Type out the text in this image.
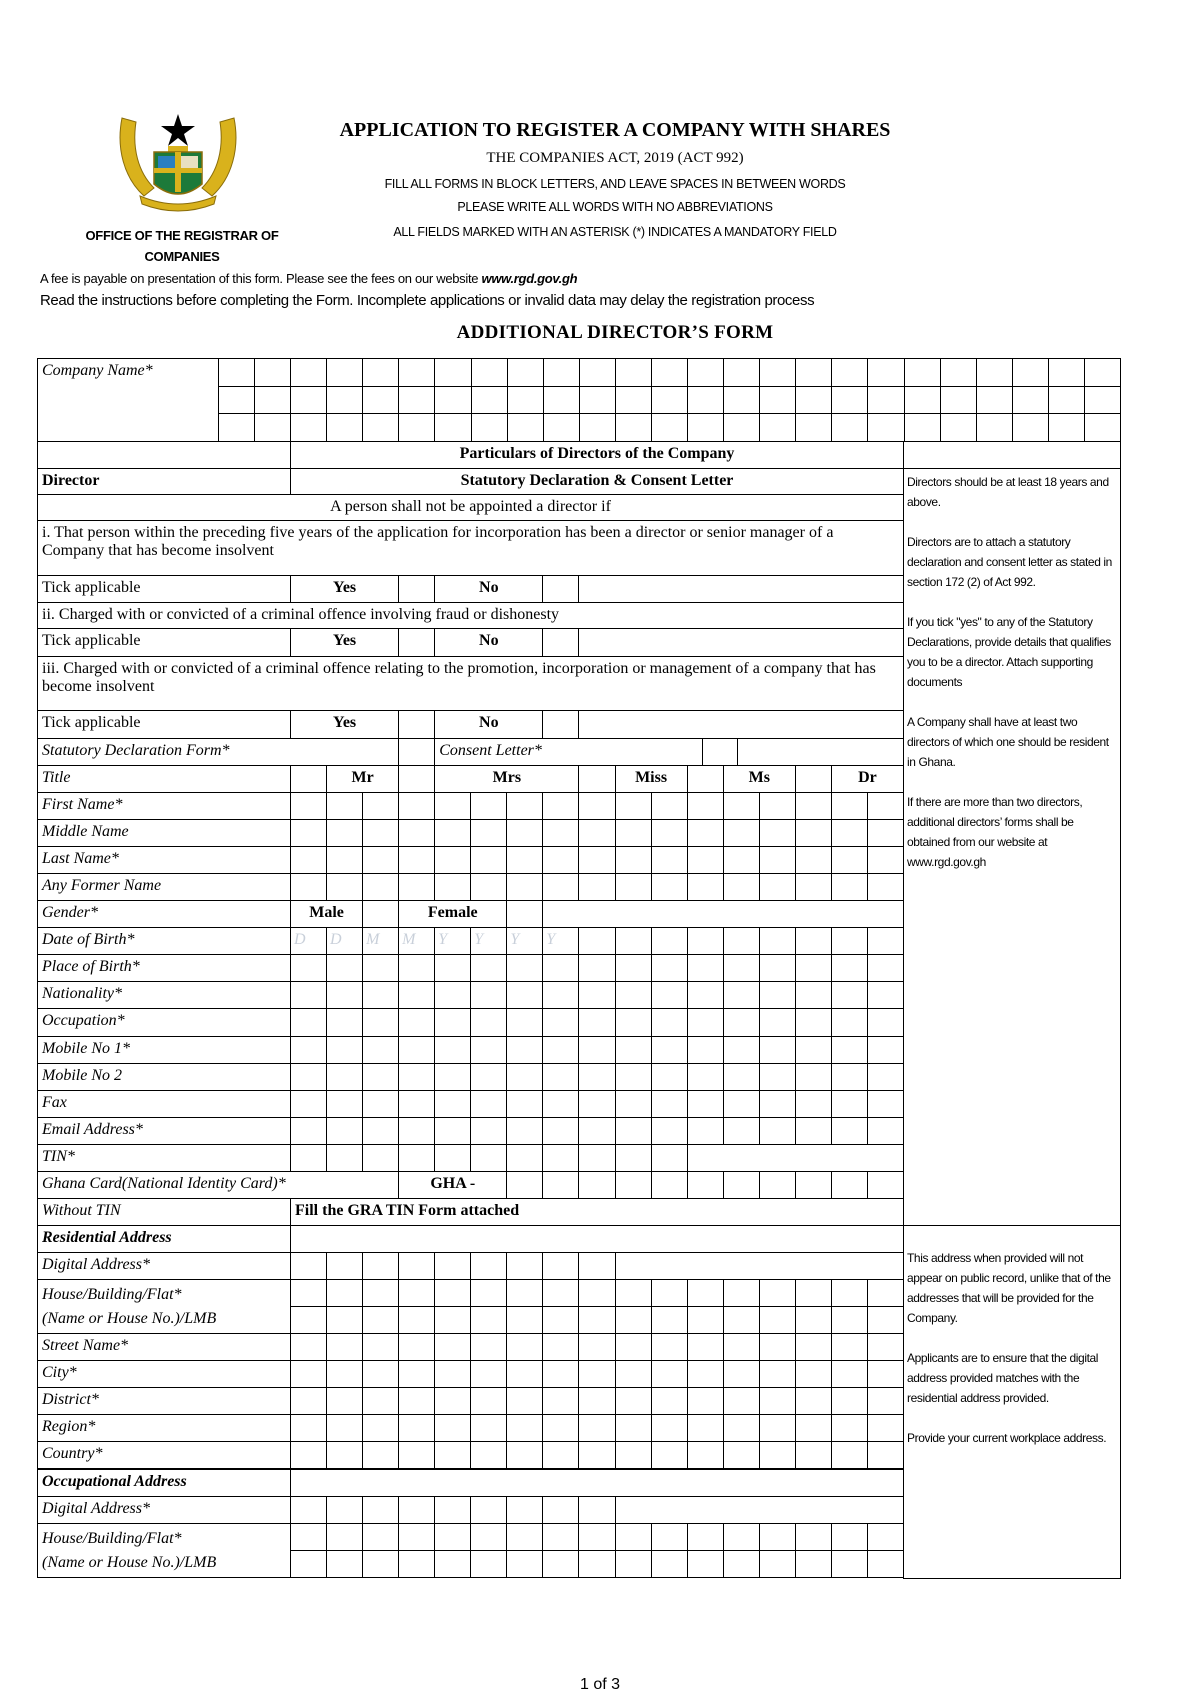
APPLICATION TO REGISTER A COMPANY WITH SHARES
THE COMPANIES ACT, 2019 (ACT 992)
FILL ALL FORMS IN BLOCK LETTERS, AND LEAVE SPACES IN BETWEEN WORDS
PLEASE WRITE ALL WORDS WITH NO ABBREVIATIONS
ALL FIELDS MARKED WITH AN ASTERISK (*) INDICATES A MANDATORY FIELD
OFFICE OF THE REGISTRAR OF
COMPANIES
A fee is payable on presentation of this form. Please see the fees on our website www.rgd.gov.gh
Read the instructions before completing the Form. Incomplete applications or invalid data may delay the registration process
ADDITIONAL DIRECTOR’S FORM
Company Name*
Particulars of Directors of the Company
Director	Statutory Declaration & Consent Letter
A person shall not be appointed a director if
i. That person within the preceding five years of the application for incorporation has been a director or senior manager of a Company that has become insolvent
Tick applicable	Yes	No
ii. Charged with or convicted of a criminal offence involving fraud or dishonesty
Tick applicable	Yes	No
iii. Charged with or convicted of a criminal offence relating to the promotion, incorporation or management of a company that has become insolvent
Tick applicable	Yes	No
Statutory Declaration Form*	Consent Letter*
Title	Mr	Mrs	Miss	Ms	Dr
First Name*
Middle Name
Last Name*
Any Former Name
Gender*	Male	Female
Date of Birth*	D	D	M	M	Y	Y	Y	Y
Place of Birth*
Nationality*
Occupation*
Mobile No 1*
Mobile No 2
Fax
Email Address*
TIN*
Ghana Card(National Identity Card)*	GHA -
Without TIN	Fill the GRA TIN Form attached
Residential Address
Digital Address*
House/Building/Flat*
(Name or House No.)/LMB
Street Name*
City*
District*
Region*
Country*
Occupational Address
Digital Address*
House/Building/Flat*
(Name or House No.)/LMB

Directors should be at least 18 years and above.

Directors are to attach a statutory declaration and consent letter as stated in section 172 (2) of Act 992.

If you tick "yes" to any of the Statutory Declarations, provide details that qualifies you to be a director. Attach supporting documents

A Company shall have at least two directors of which one should be resident in Ghana.

If there are more than two directors, additional directors’ forms shall be obtained from our website at www.rgd.gov.gh

This address when provided will not appear on public record, unlike that of the addresses that will be provided for the Company.

Applicants are to ensure that the digital address provided matches with the residential address provided.

Provide your current workplace address.

1 of 3
